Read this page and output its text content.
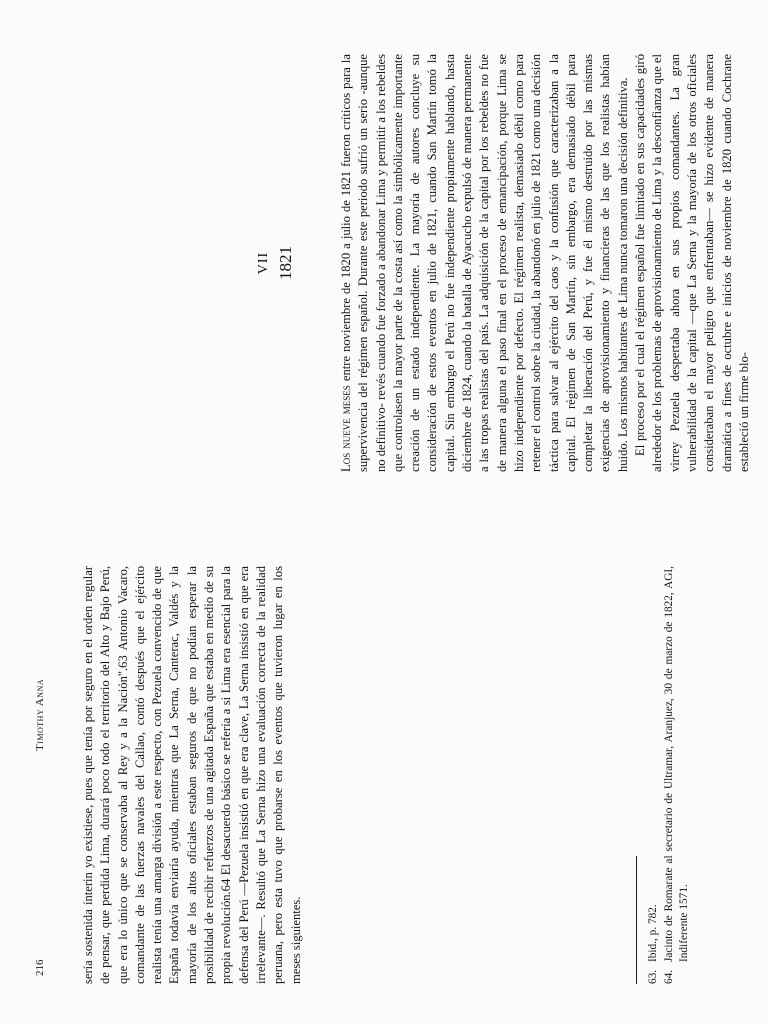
216
Timothy Anna	sería sostenida ínterin yo existiese, pues que tenía por seguro en el orden regular de pensar, que perdida Lima, durará poco todo el territorio del Alto y Bajo Perú, que era lo único que se conservaba al Rey y a la Nación".63 Antonio Vacaro, comandante de las fuerzas navales del Callao, contó después que el ejército realista tenía una amarga división a este respecto, con Pezuela convencido de que España todavía enviaría ayuda, mientras que La Serna, Canterac, Valdés y la mayoría de los altos oficiales estaban seguros de que no podían esperar la posibilidad de recibir refuerzos de una agitada España que estaba en medio de su propia revolución.64 El desacuerdo básico se refería a si Lima era esencial para la defensa del Perú —Pezuela insistió en que era clave, La Serna insistió en que era irrelevante—. Resultó que La Serna hizo una evaluación correcta de la realidad peruana, pero esta tuvo que probarse en los eventos que tuvieron lugar en los meses siguientes.	63.
Ibid., p. 782.
64.
Jacinto de Romarate al secretario de Ultramar, Aranjuez, 30 de marzo de 1822, AGI, Indiferente 1571.
VII 1821

Los nueve meses entre noviembre de 1820 a julio de 1821 fueron críticos para la supervivencia del régimen español. Durante este periodo sufrió un serio -aunque no definitivo- revés cuando fue forzado a abandonar Lima y permitir a los rebeldes que controlasen la mayor parte de la costa así como la simbólicamente importante creación de un estado independiente. La mayoría de autores concluye su consideración de estos eventos en julio de 1821, cuando San Martín tomó la capital. Sin embargo el Perú no fue independiente propiamente hablando, hasta diciembre de 1824, cuando la batalla de Ayacucho expulsó de manera permanente a las tropas realistas del país. La adquisición de la capital por los rebeldes no fue de manera alguna el paso final en el proceso de emancipación, porque Lima se hizo independiente por defecto. El régimen realista, demasiado débil como para retener el control sobre la ciudad, la abandonó en julio de 1821 como una decisión táctica para salvar al ejército del caos y la confusión que caracterizaban a la capital. El régimen de San Martín, sin embargo, era demasiado débil para completar la liberación del Perú, y fue él mismo destruido por las mismas exigencias de aprovisionamiento y financieras de las que los realistas habían huido. Los mismos habitantes de Lima nunca tomaron una decisión definitiva. El proceso por el cual el régimen español fue limitado en sus capacidades giró alrededor de los problemas de aprovisionamiento de Lima y la desconfianza que el virrey Pezuela despertaba ahora en sus propios comandantes. La gran vulnerabilidad de la capital —que La Serna y la mayoría de los otros oficiales consideraban el mayor peligro que enfrentaban— se hizo evidente de manera dramática a fines de octubre e inicios de noviembre de 1820 cuando Cochrane estableció un firme blo-
